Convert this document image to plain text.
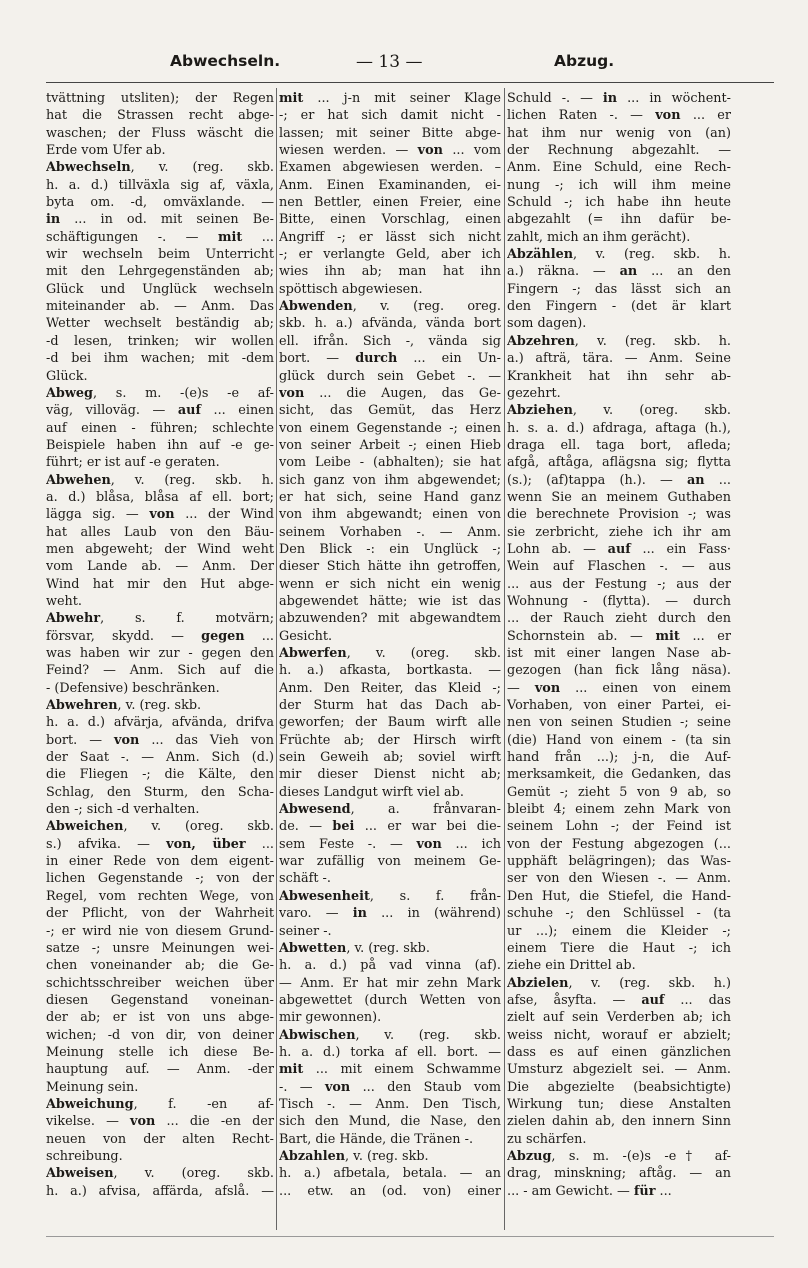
Abwechseln.	— 13 —	Abzug.
tvättning utsliten); der Regen
hat die Strassen recht abge-
waschen; der Fluss wäscht die
Erde vom Ufer ab.
Abwechseln, v. (reg. skb.
h. a. d.) tillväxla sig af, växla,
byta om. -d, omväxlande. —
in ... in od. mit seinen Be-
schäftigungen -. — mit ...
wir wechseln beim Unterricht
mit den Lehrgegenständen ab;
Glück und Unglück wechseln
miteinander ab. — Anm. Das
Wetter wechselt beständig ab;
-d lesen, trinken; wir wollen
-d bei ihm wachen; mit -dem
Glück.
Abweg, s. m. -(e)s -e af-
väg, villoväg. — auf ... einen
auf einen - führen; schlechte
Beispiele haben ihn auf -e ge-
führt; er ist auf -e geraten.
Abwehen, v. (reg. skb. h.
a. d.) blåsa, blåsa af ell. bort;
lägga sig. — von ... der Wind
hat alles Laub von den Bäu-
men abgeweht; der Wind weht
vom Lande ab. — Anm. Der
Wind hat mir den Hut abge-
weht.
Abwehr, s. f. motvärn;
försvar, skydd. — gegen ...
was haben wir zur - gegen den
Feind? — Anm. Sich auf die
- (Defensive) beschränken.
Abwehren, v. (reg. skb.
h. a. d.) afvärja, afvända, drifva
bort. — von ... das Vieh von
der Saat -. — Anm. Sich (d.)
die Fliegen -; die Kälte, den
Schlag, den Sturm, den Scha-
den -; sich -d verhalten.
Abweichen, v. (oreg. skb.
s.) afvika. — von, über ...
in einer Rede von dem eigent-
lichen Gegenstande -; von der
Regel, vom rechten Wege, von
der Pflicht, von der Wahrheit
-; er wird nie von diesem Grund-
satze -; unsre Meinungen wei-
chen voneinander ab; die Ge-
schichtsschreiber weichen über
diesen Gegenstand voneinan-
der ab; er ist von uns abge-
wichen; -d von dir, von deiner
Meinung stelle ich diese Be-
hauptung auf. — Anm. -der
Meinung sein.
Abweichung, f. -en af-
vikelse. — von ... die -en der
neuen von der alten Recht-
schreibung.
Abweisen, v. (oreg. skb.
h. a.) afvisa, affärda, afslå. —
mit ... j-n mit seiner Klage
-; er hat sich damit nicht -
lassen; mit seiner Bitte abge-
wiesen werden. — von ... vom
Examen abgewiesen werden. –
Anm. Einen Examinanden, ei-
nen Bettler, einen Freier, eine
Bitte, einen Vorschlag, einen
Angriff -; er lässt sich nicht
-; er verlangte Geld, aber ich
wies ihn ab; man hat ihn
spöttisch abgewiesen.
Abwenden, v. (reg. oreg.
skb. h. a.) afvända, vända bort
ell. ifrån. Sich -, vända sig
bort. — durch ... ein Un-
glück durch sein Gebet -. —
von ... die Augen, das Ge-
sicht, das Gemüt, das Herz
von einem Gegenstande -; einen
von seiner Arbeit -; einen Hieb
vom Leibe - (abhalten); sie hat
sich ganz von ihm abgewendet;
er hat sich, seine Hand ganz
von ihm abgewandt; einen von
seinem Vorhaben -. — Anm.
Den Blick -: ein Unglück -;
dieser Stich hätte ihn getroffen,
wenn er sich nicht ein wenig
abgewendet hätte; wie ist das
abzuwenden? mit abgewandtem
Gesicht.
Abwerfen, v. (oreg. skb.
h. a.) afkasta, bortkasta. —
Anm. Den Reiter, das Kleid -;
der Sturm hat das Dach ab-
geworfen; der Baum wirft alle
Früchte ab; der Hirsch wirft
sein Geweih ab; soviel wirft
mir dieser Dienst nicht ab;
dieses Landgut wirft viel ab.
Abwesend, a. frånvaran-
de. — bei ... er war bei die-
sem Feste -. — von ... ich
war zufällig von meinem Ge-
schäft -.
Abwesenheit, s. f. från-
varo. — in ... in (während)
seiner -.
Abwetten, v. (reg. skb.
h. a. d.) på vad vinna (af).
— Anm. Er hat mir zehn Mark
abgewettet (durch Wetten von
mir gewonnen).
Abwischen, v. (reg. skb.
h. a. d.) torka af ell. bort. —
mit ... mit einem Schwamme
-. — von ... den Staub vom
Tisch -. — Anm. Den Tisch,
sich den Mund, die Nase, den
Bart, die Hände, die Tränen -.
Abzahlen, v. (reg. skb.
h. a.) afbetala, betala. — an
... etw. an (od. von) einer
Schuld -. — in ... in wöchent-
lichen Raten -. — von ... er
hat ihm nur wenig von (an)
der Rechnung abgezahlt. —
Anm. Eine Schuld, eine Rech-
nung -; ich will ihm meine
Schuld -; ich habe ihn heute
abgezahlt (= ihn dafür be-
zahlt, mich an ihm gerächt).
Abzählen, v. (reg. skb. h.
a.) räkna. — an ... an den
Fingern -; das lässt sich an
den Fingern - (det är klart
som dagen).
Abzehren, v. (reg. skb. h.
a.) afträ, tära. — Anm. Seine
Krankheit hat ihn sehr ab-
gezehrt.
Abziehen, v. (oreg. skb.
h. s. a. d.) afdraga, aftaga (h.),
draga ell. taga bort, afleda;
afgå, aftåga, aflägsna sig; flytta
(s.); (af)tappa (h.). — an ...
wenn Sie an meinem Guthaben
die berechnete Provision -; was
sie zerbricht, ziehe ich ihr am
Lohn ab. — auf ... ein Fass·
Wein auf Flaschen -. — aus
... aus der Festung -; aus der
Wohnung - (flytta). — durch
... der Rauch zieht durch den
Schornstein ab. — mit ... er
ist mit einer langen Nase ab-
gezogen (han fick lång näsa).
— von ... einen von einem
Vorhaben, von einer Partei, ei-
nen von seinen Studien -; seine
(die) Hand von einem - (ta sin
hand från ...); j-n, die Auf-
merksamkeit, die Gedanken, das
Gemüt -; zieht 5 von 9 ab, so
bleibt 4; einem zehn Mark von
seinem Lohn -; der Feind ist
von der Festung abgezogen (...
upphäft belägringen); das Was-
ser von den Wiesen -. — Anm.
Den Hut, die Stiefel, die Hand-
schuhe -; den Schlüssel - (ta
ur ...); einem die Kleider -;
einem Tiere die Haut -; ich
ziehe ein Drittel ab.
Abzielen, v. (reg. skb. h.)
afse, åsyfta. — auf ... das
zielt auf sein Verderben ab; ich
weiss nicht, worauf er abzielt;
dass es auf einen gänzlichen
Umsturz abgezielt sei. — Anm.
Die abgezielte (beabsichtigte)
Wirkung tun; diese Anstalten
zielen dahin ab, den innern Sinn
zu schärfen.
Abzug, s. m. -(e)s -e† af-
drag, minskning; aftåg. — an
... - am Gewicht. — für ...
